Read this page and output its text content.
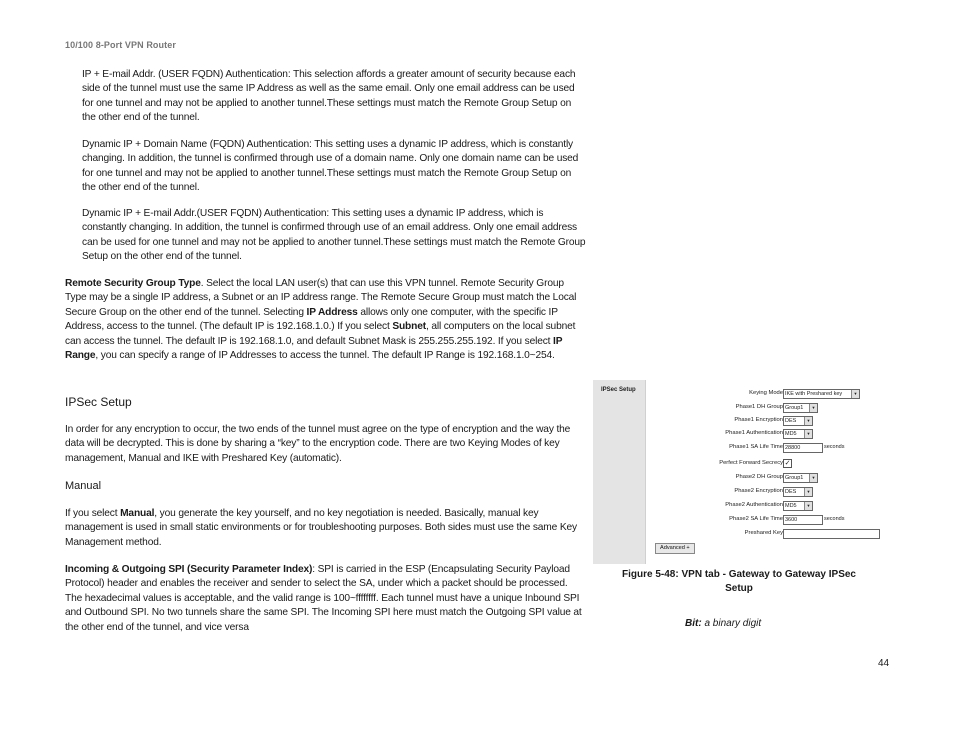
10/100 8-Port VPN Router
IP + E-mail Addr. (USER FQDN) Authentication: This selection affords a greater amount of security because each side of the tunnel must use the same IP Address as well as the same email. Only one email address can be used for one tunnel and may not be applied to another tunnel.These settings must match the Remote Group Setup on the other end of the tunnel.
Dynamic IP + Domain Name (FQDN) Authentication: This setting uses a dynamic IP address, which is constantly changing. In addition, the tunnel is confirmed through use of a domain name. Only one domain name can be used for one tunnel and may not be applied to another tunnel.These settings must match the Remote Group Setup on the other end of the tunnel.
Dynamic IP + E-mail Addr.(USER FQDN) Authentication: This setting uses a dynamic IP address, which is constantly changing. In addition, the tunnel is confirmed through use of an email address. Only one email address can be used for one tunnel and may not be applied to another tunnel.These settings must match the Remote Group Setup on the other end of the tunnel.
Remote Security Group Type. Select the local LAN user(s) that can use this VPN tunnel. Remote Security Group Type may be a single IP address, a Subnet or an IP address range. The Remote Secure Group must match the Local Secure Group on the other end of the tunnel. Selecting IP Address allows only one computer, with the specific IP Address, access to the tunnel. (The default IP is 192.168.1.0.) If you select Subnet, all computers on the local subnet can access the tunnel. The default IP is 192.168.1.0, and default Subnet Mask is 255.255.255.192. If you select IP Range, you can specify a range of IP Addresses to access the tunnel. The default IP Range is 192.168.1.0~254.
IPSec Setup
In order for any encryption to occur, the two ends of the tunnel must agree on the type of encryption and the way the data will be decrypted. This is done by sharing a “key” to the encryption code. There are two Keying Modes of key management, Manual and IKE with Preshared Key (automatic).
Manual
If you select Manual, you generate the key yourself, and no key negotiation is needed. Basically, manual key management is used in small static environments or for troubleshooting purposes. Both sides must use the same Key Management method.
Incoming & Outgoing SPI (Security Parameter Index): SPI is carried in the ESP (Encapsulating Security Payload Protocol) header and enables the receiver and sender to select the SA, under which a packet should be processed. The hexadecimal values is acceptable, and the valid range is 100~ffffffff. Each tunnel must have a unique Inbound SPI and Outbound SPI. No two tunnels share the same SPI. The Incoming SPI here must match the Outgoing SPI value at the other end of the tunnel, and vice versa
IPSec Setup	Keying Mode IKE with Preshared key	▼
Phase1 DH Group Group1	▼
Phase1 Encryption DES	▼
Phase1 Authentication MD5	▼
Phase1 SA Life Time 28800	seconds
Perfect Forward Secrecy ✓
Phase2 DH Group Group1	▼
Phase2 Encryption DES	▼
Phase2 Authentication MD5	▼
Phase2 SA Life Time 3600	seconds
Preshared Key
Advanced +
Figure 5-48: VPN tab - Gateway to Gateway IPSec Setup
Bit: a binary digit
44
